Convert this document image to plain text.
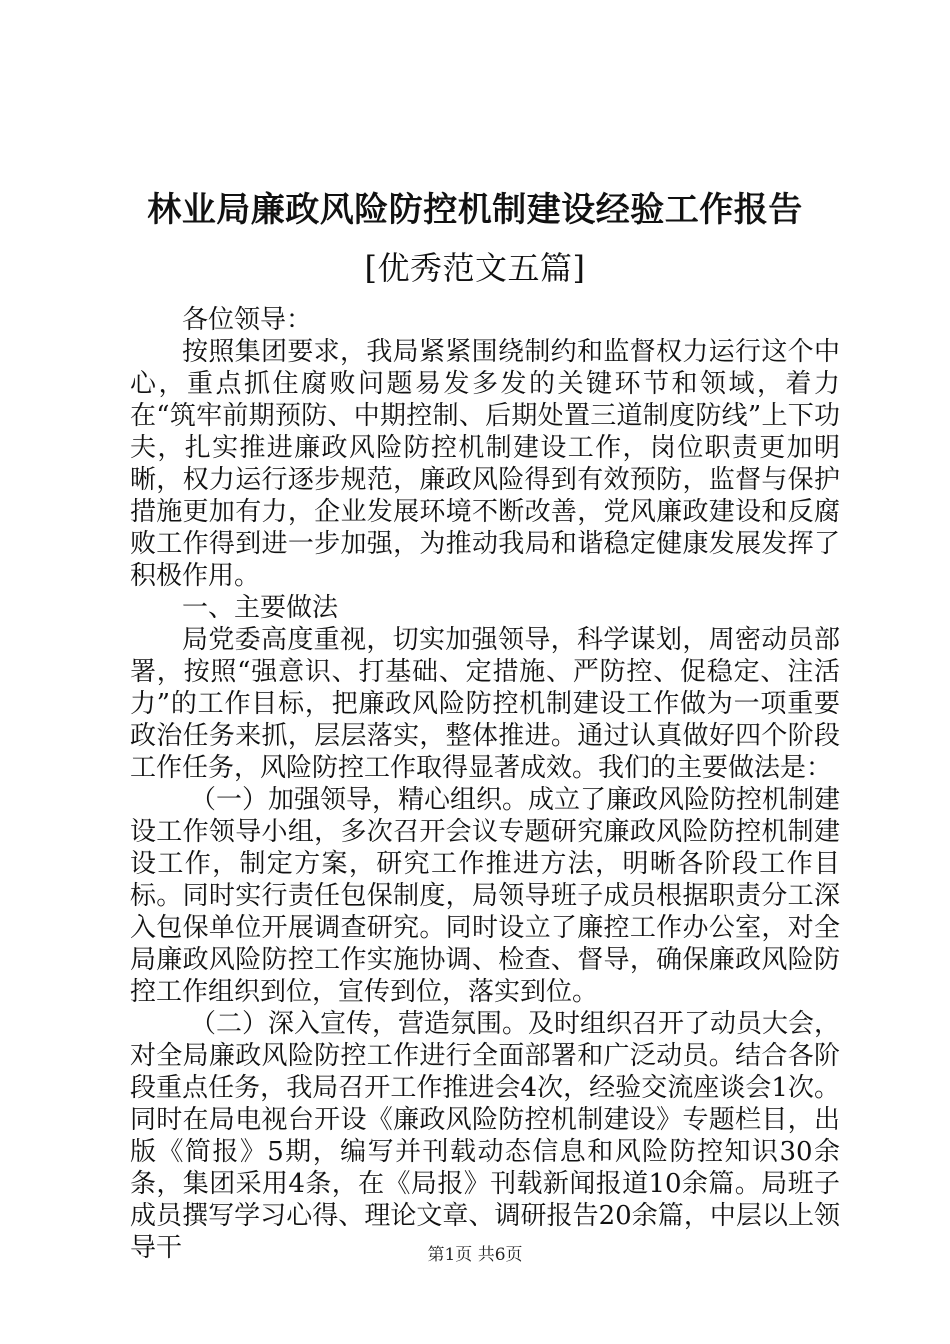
林业局廉政风险防控机制建设经验工作报告
[优秀范文五篇]

各位领导：

按照集团要求，我局紧紧围绕制约和监督权力运行这个中心，重点抓住腐败问题易发多发的关键环节和领域，着力在“筑牢前期预防、中期控制、后期处置三道制度防线”上下功夫，扎实推进廉政风险防控机制建设工作，岗位职责更加明晰，权力运行逐步规范，廉政风险得到有效预防，监督与保护措施更加有力，企业发展环境不断改善，党风廉政建设和反腐败工作得到进一步加强，为推动我局和谐稳定健康发展发挥了积极作用。

一、主要做法

局党委高度重视，切实加强领导，科学谋划，周密动员部署，按照“强意识、打基础、定措施、严防控、促稳定、注活力”的工作目标，把廉政风险防控机制建设工作做为一项重要政治任务来抓，层层落实，整体推进。通过认真做好四个阶段工作任务，风险防控工作取得显著成效。我们的主要做法是：

（一）加强领导，精心组织。成立了廉政风险防控机制建设工作领导小组，多次召开会议专题研究廉政风险防控机制建设工作，制定方案，研究工作推进方法，明晰各阶段工作目标。同时实行责任包保制度，局领导班子成员根据职责分工深入包保单位开展调查研究。同时设立了廉控工作办公室，对全局廉政风险防控工作实施协调、检查、督导，确保廉政风险防控工作组织到位，宣传到位，落实到位。

（二）深入宣传，营造氛围。及时组织召开了动员大会，对全局廉政风险防控工作进行全面部署和广泛动员。结合各阶段重点任务，我局召开工作推进会4次，经验交流座谈会1次。同时在局电视台开设《廉政风险防控机制建设》专题栏目，出版《简报》5期，编写并刊载动态信息和风险防控知识30余条，集团采用4条，在《局报》刊载新闻报道10余篇。局班子成员撰写学习心得、理论文章、调研报告20余篇，中层以上领导干	第1页 共6页
